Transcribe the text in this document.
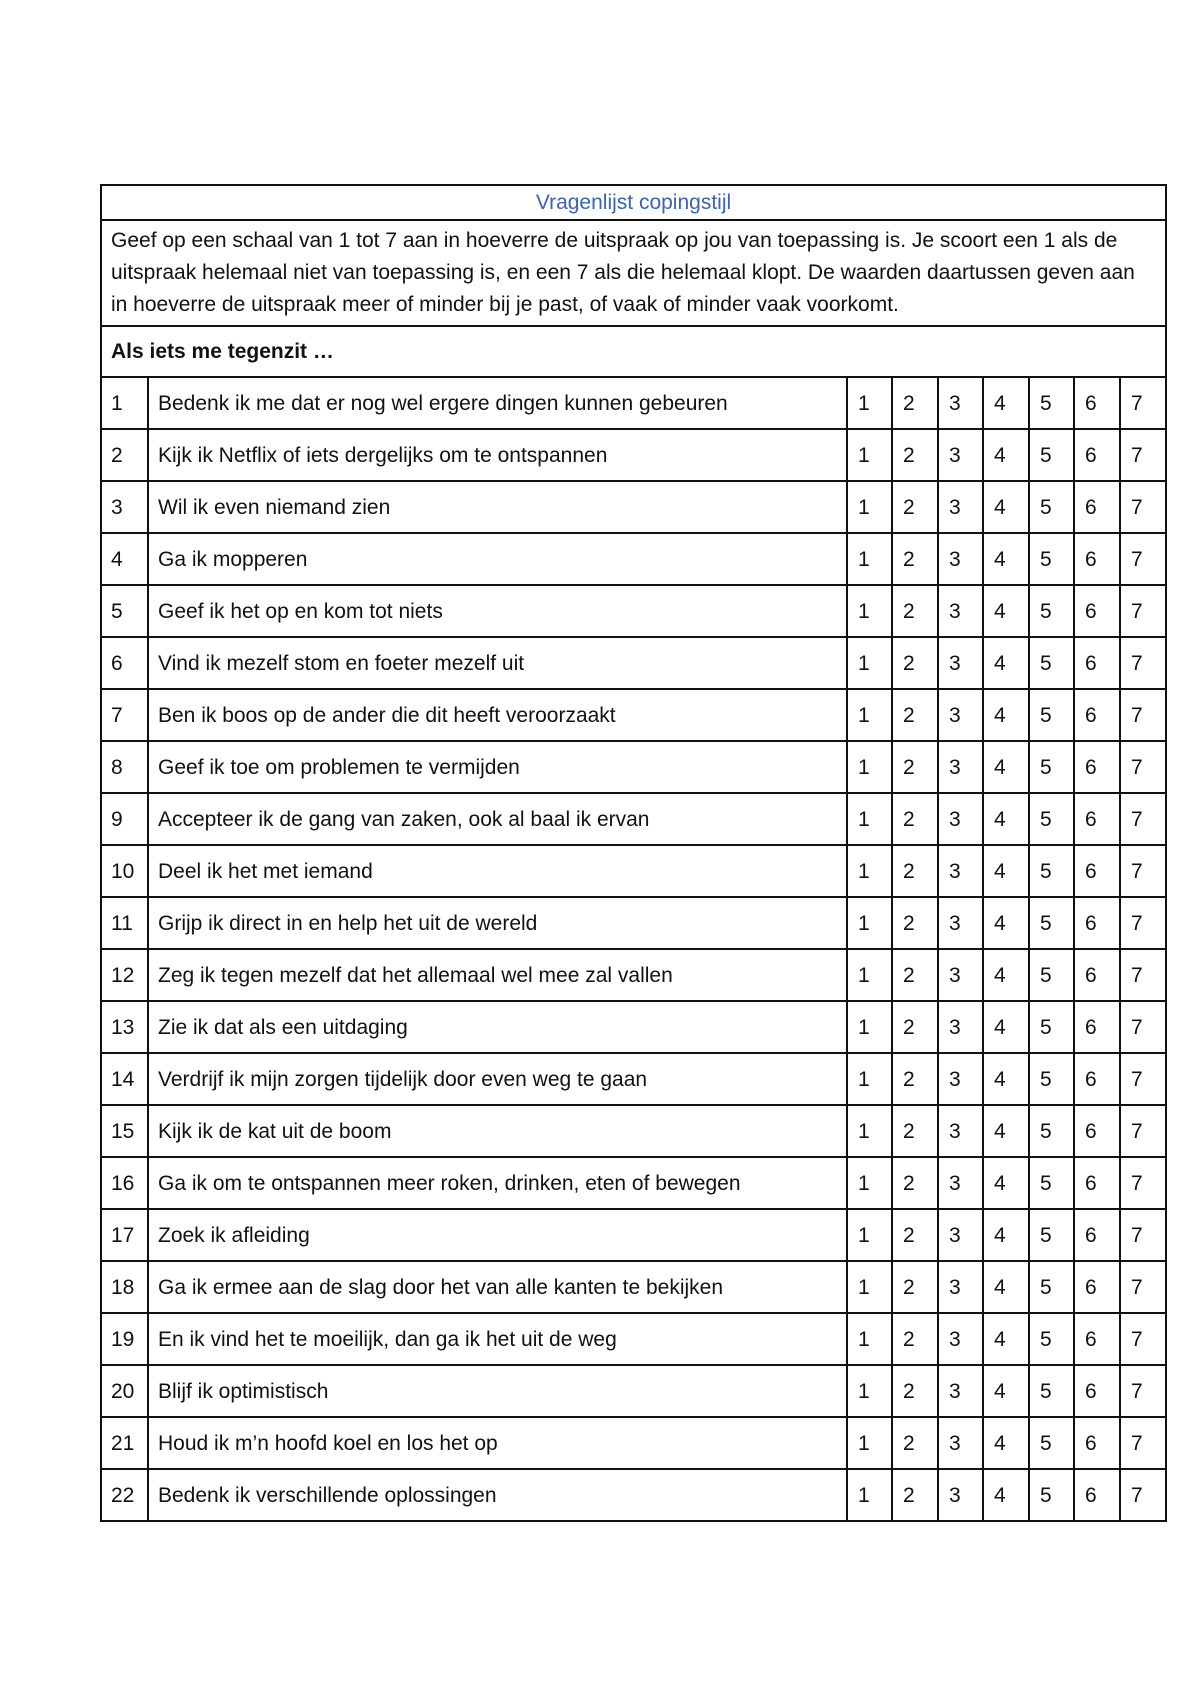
Vragenlijst copingstijl								
Geef op een schaal van 1 tot 7 aan in hoeverre de uitspraak op jou van toepassing is. Je scoort een 1 als de uitspraak helemaal niet van toepassing is, en een 7 als die helemaal klopt. De waarden daartussen geven aan in hoeverre de uitspraak meer of minder bij je past, of vaak of minder vaak voorkomt.								
Als iets me tegenzit …								
1	Bedenk ik me dat er nog wel ergere dingen kunnen gebeuren	1	2	3	4	5	6	7
2	Kijk ik Netflix of iets dergelijks om te ontspannen	1	2	3	4	5	6	7
3	Wil ik even niemand zien	1	2	3	4	5	6	7
4	Ga ik mopperen	1	2	3	4	5	6	7
5	Geef ik het op en kom tot niets	1	2	3	4	5	6	7
6	Vind ik mezelf stom en foeter mezelf uit	1	2	3	4	5	6	7
7	Ben ik boos op de ander die dit heeft veroorzaakt	1	2	3	4	5	6	7
8	Geef ik toe om problemen te vermijden	1	2	3	4	5	6	7
9	Accepteer ik de gang van zaken, ook al baal ik ervan	1	2	3	4	5	6	7
10	Deel ik het met iemand	1	2	3	4	5	6	7
11	Grijp ik direct in en help het uit de wereld	1	2	3	4	5	6	7
12	Zeg ik tegen mezelf dat het allemaal wel mee zal vallen	1	2	3	4	5	6	7
13	Zie ik dat als een uitdaging	1	2	3	4	5	6	7
14	Verdrijf ik mijn zorgen tijdelijk door even weg te gaan	1	2	3	4	5	6	7
15	Kijk ik de kat uit de boom	1	2	3	4	5	6	7
16	Ga ik om te ontspannen meer roken, drinken, eten of bewegen	1	2	3	4	5	6	7
17	Zoek ik afleiding	1	2	3	4	5	6	7
18	Ga ik ermee aan de slag door het van alle kanten te bekijken	1	2	3	4	5	6	7
19	En ik vind het te moeilijk, dan ga ik het uit de weg	1	2	3	4	5	6	7
20	Blijf ik optimistisch	1	2	3	4	5	6	7
21	Houd ik m’n hoofd koel en los het op	1	2	3	4	5	6	7
22	Bedenk ik verschillende oplossingen	1	2	3	4	5	6	7
